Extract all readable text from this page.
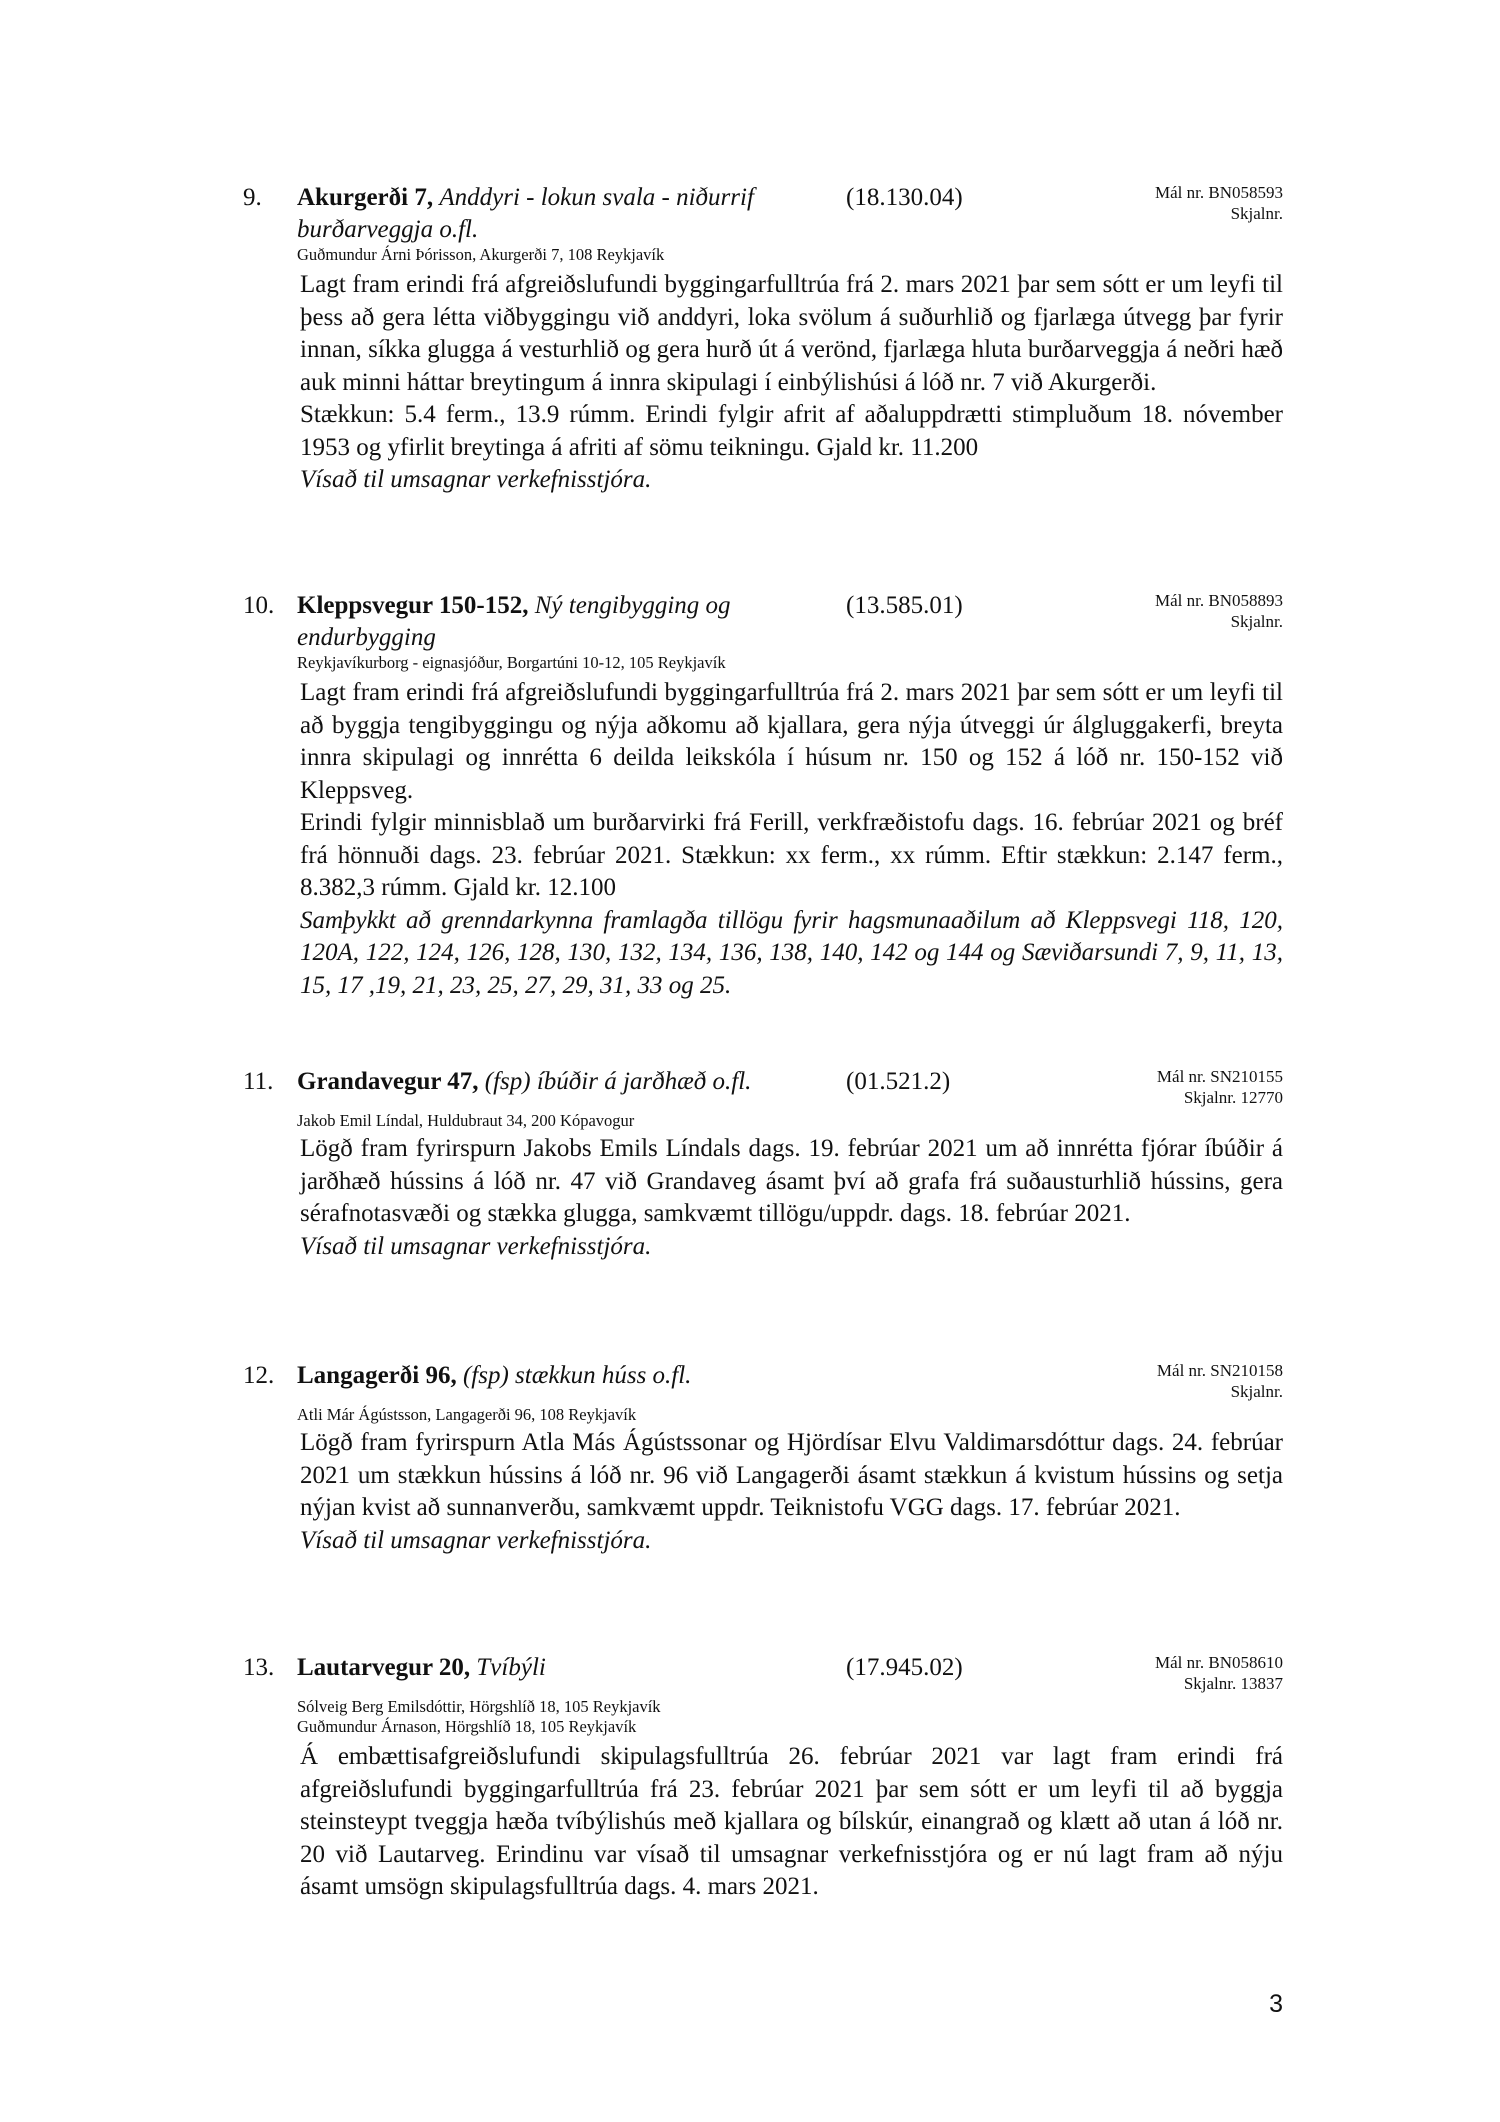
9. Akurgerði 7, Anddyri - lokun svala - niðurrif burðarveggja o.fl.
(18.130.04)	Mál nr. BN058593
Skjalnr.
Guðmundur Árni Þórisson, Akurgerði 7, 108 Reykjavík

Lagt fram erindi frá afgreiðslufundi byggingarfulltrúa frá 2. mars 2021 þar sem sótt er um leyfi til þess að gera létta viðbyggingu við anddyri, loka svölum á suðurhlið og fjarlæga útvegg þar fyrir innan, síkka glugga á vesturhlið og gera hurð út á verönd, fjarlæga hluta burðarveggja á neðri hæð auk minni háttar breytingum á innra skipulagi í einbýlishúsi á lóð nr. 7 við Akurgerði.

Stækkun: 5.4 ferm., 13.9 rúmm. Erindi fylgir afrit af aðaluppdrætti stimpluðum 18. nóvember 1953 og yfirlit breytinga á afriti af sömu teikningu. Gjald kr. 11.200

Vísað til umsagnar verkefnisstjóra.

10. Kleppsvegur 150-152, Ný tengibygging og endurbygging
(13.585.01)	Mál nr. BN058893
Skjalnr.
Reykjavíkurborg - eignasjóður, Borgartúni 10-12, 105 Reykjavík

Lagt fram erindi frá afgreiðslufundi byggingarfulltrúa frá 2. mars 2021 þar sem sótt er um leyfi til að byggja tengibyggingu og nýja aðkomu að kjallara, gera nýja útveggi úr álgluggakerfi, breyta innra skipulagi og innrétta 6 deilda leikskóla í húsum nr. 150 og 152 á lóð nr. 150-152 við Kleppsveg.

Erindi fylgir minnisblað um burðarvirki frá Ferill, verkfræðistofu dags. 16. febrúar 2021 og bréf frá hönnuði dags. 23. febrúar 2021. Stækkun: xx ferm., xx rúmm. Eftir stækkun: 2.147 ferm., 8.382,3 rúmm. Gjald kr. 12.100

Samþykkt að grenndarkynna framlagða tillögu fyrir hagsmunaaðilum að Kleppsvegi 118, 120, 120A, 122, 124, 126, 128, 130, 132, 134, 136, 138, 140, 142 og 144 og Sæviðarsundi 7, 9, 11, 13, 15, 17 ,19, 21, 23, 25, 27, 29, 31, 33 og 25.

11. Grandavegur 47, (fsp) íbúðir á jarðhæð o.fl.	(01.521.2)	Mál nr. SN210155
Skjalnr. 12770
Jakob Emil Líndal, Huldubraut 34, 200 Kópavogur

Lögð fram fyrirspurn Jakobs Emils Líndals dags. 19. febrúar 2021 um að innrétta fjórar íbúðir á jarðhæð hússins á lóð nr. 47 við Grandaveg ásamt því að grafa frá suðausturhlið hússins, gera sérafnotasvæði og stækka glugga, samkvæmt tillögu/uppdr. dags. 18. febrúar 2021.

Vísað til umsagnar verkefnisstjóra.

12. Langagerði 96, (fsp) stækkun húss o.fl.	Mál nr. SN210158
Skjalnr.
Atli Már Ágústsson, Langagerði 96, 108 Reykjavík

Lögð fram fyrirspurn Atla Más Ágústssonar og Hjördísar Elvu Valdimarsdóttur dags. 24. febrúar 2021 um stækkun hússins á lóð nr. 96 við Langagerði ásamt stækkun á kvistum hússins og setja nýjan kvist að sunnanverðu, samkvæmt uppdr. Teiknistofu VGG dags. 17. febrúar 2021.

Vísað til umsagnar verkefnisstjóra.

13. Lautarvegur 20, Tvíbýli	(17.945.02)	Mál nr. BN058610
Skjalnr. 13837
Sólveig Berg Emilsdóttir, Hörgshlíð 18, 105 Reykjavík
Guðmundur Árnason, Hörgshlíð 18, 105 Reykjavík

Á embættisafgreiðslufundi skipulagsfulltrúa 26. febrúar 2021 var lagt fram erindi frá afgreiðslufundi byggingarfulltrúa frá 23. febrúar 2021 þar sem sótt er um leyfi til að byggja steinsteypt tveggja hæða tvíbýlishús með kjallara og bílskúr, einangrað og klætt að utan á lóð nr. 20 við Lautarveg. Erindinu var vísað til umsagnar verkefnisstjóra og er nú lagt fram að nýju ásamt umsögn skipulagsfulltrúa dags. 4. mars 2021.

3
